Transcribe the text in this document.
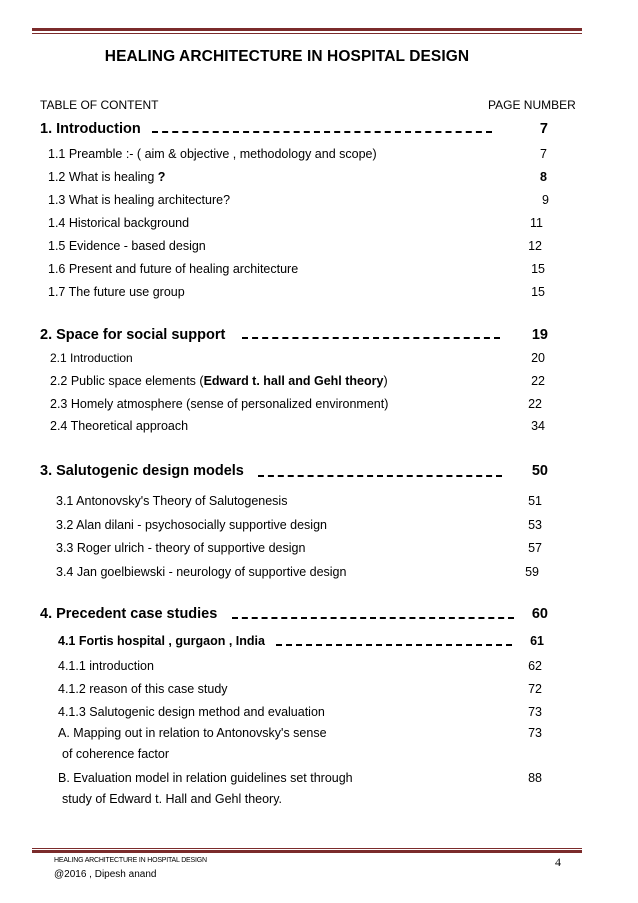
HEALING ARCHITECTURE IN HOSPITAL DESIGN
TABLE OF CONTENT	PAGE NUMBER
1. Introduction	7
1.1 Preamble :- ( aim & objective , methodology and scope)	7
1.2 What is healing ?	8
1.3 What is healing architecture?	9
1.4 Historical background	11
1.5 Evidence - based design	12
1.6 Present and future of healing architecture	15
1.7 The future use group	15
2. Space for social support	19
2.1 Introduction	20
2.2 Public space elements (Edward t. hall and Gehl theory)	22
2.3 Homely atmosphere (sense of personalized environment)	22
2.4 Theoretical approach	34
3. Salutogenic design models	50
3.1 Antonovsky's Theory of Salutogenesis	51
3.2 Alan dilani - psychosocially supportive design	53
3.3 Roger ulrich - theory of supportive design	57
3.4 Jan goelbiewski - neurology of supportive design	59
4. Precedent case studies	60
4.1 Fortis hospital , gurgaon , India	61
4.1.1 introduction	62
4.1.2 reason of this case study	72
4.1.3 Salutogenic design method and evaluation	73
A. Mapping out in relation to Antonovsky's sense	73
of coherence factor
B. Evaluation model in relation guidelines set through	88
study of Edward t. Hall and Gehl theory.
HEALING ARCHITECTURE IN HOSPITAL DESIGN	4
@2016 , Dipesh anand
